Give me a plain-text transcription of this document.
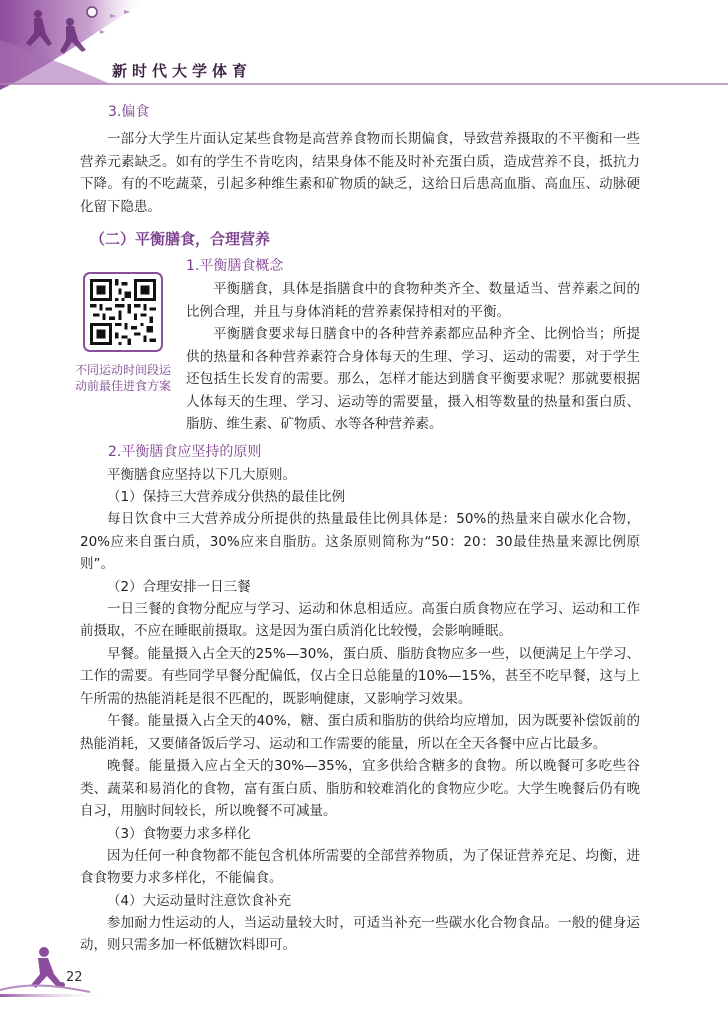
新时代大学体育

3.偏食

一部分大学生片面认定某些食物是高营养食物而长期偏食，导致营养摄取的不平衡和一些营养元素缺乏。如有的学生不肯吃肉，结果身体不能及时补充蛋白质，造成营养不良，抵抗力下降。有的不吃蔬菜，引起多种维生素和矿物质的缺乏，这给日后患高血脂、高血压、动脉硬化留下隐患。

（二）平衡膳食，合理营养

不同运动时间段运动前最佳进食方案

1.平衡膳食概念

平衡膳食，具体是指膳食中的食物种类齐全、数量适当、营养素之间的比例合理，并且与身体消耗的营养素保持相对的平衡。

平衡膳食要求每日膳食中的各种营养素都应品种齐全、比例恰当；所提供的热量和各种营养素符合身体每天的生理、学习、运动的需要，对于学生还包括生长发育的需要。那么，怎样才能达到膳食平衡要求呢？那就要根据人体每天的生理、学习、运动等的需要量，摄入相等数量的热量和蛋白质、脂肪、维生素、矿物质、水等各种营养素。

2.平衡膳食应坚持的原则

平衡膳食应坚持以下几大原则。

（1）保持三大营养成分供热的最佳比例

每日饮食中三大营养成分所提供的热量最佳比例具体是：50%的热量来自碳水化合物，20%应来自蛋白质，30%应来自脂肪。这条原则简称为“50：20：30最佳热量来源比例原则”。

（2）合理安排一日三餐

一日三餐的食物分配应与学习、运动和休息相适应。高蛋白质食物应在学习、运动和工作前摄取，不应在睡眠前摄取。这是因为蛋白质消化比较慢，会影响睡眠。

早餐。能量摄入占全天的25%—30%，蛋白质、脂肪食物应多一些，以便满足上午学习、工作的需要。有些同学早餐分配偏低，仅占全日总能量的10%—15%，甚至不吃早餐，这与上午所需的热能消耗是很不匹配的，既影响健康，又影响学习效果。

午餐。能量摄入占全天的40%，糖、蛋白质和脂肪的供给均应增加，因为既要补偿饭前的热能消耗，又要储备饭后学习、运动和工作需要的能量，所以在全天各餐中应占比最多。

晚餐。能量摄入应占全天的30%—35%，宜多供给含糖多的食物。所以晚餐可多吃些谷类、蔬菜和易消化的食物，富有蛋白质、脂肪和较难消化的食物应少吃。大学生晚餐后仍有晚自习，用脑时间较长，所以晚餐不可减量。

（3）食物要力求多样化

因为任何一种食物都不能包含机体所需要的全部营养物质，为了保证营养充足、均衡，进食食物要力求多样化，不能偏食。

（4）大运动量时注意饮食补充

参加耐力性运动的人，当运动量较大时，可适当补充一些碳水化合物食品。一般的健身运动，则只需多加一杯低糖饮料即可。

22
